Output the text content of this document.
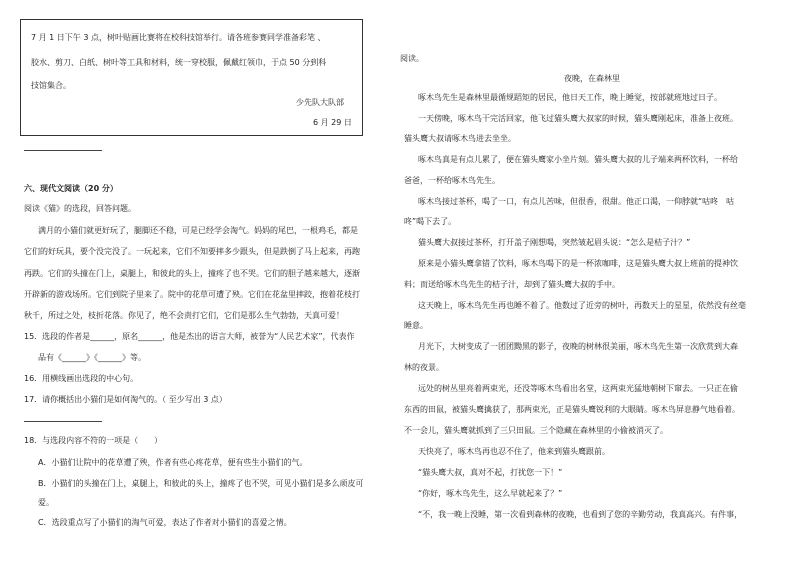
7 月 1 日下午 3 点，树叶贴画比赛将在校科技馆举行。请各班参赛同学准备彩笔 、
胶水、剪刀、白纸、树叶等工具和材料，统一穿校服，佩戴红领巾，于点 50 分到科
技馆集合。
少先队大队部
6 月 29 日
六、现代文阅读（20 分）
阅读《猫》的选段，回答问题。
满月的小猫们就更好玩了，腿脚还不稳，可是已经学会淘气。妈妈的尾巴，一根鸡毛，都是
它们的好玩具，要个没完没了。一玩起来，它们不知要摔多少跟头，但是跌倒了马上起来，再跑
再跌。它们的头撞在门上，桌腿上，和彼此的头上，撞疼了也不哭。它们的胆子越来越大，逐渐
开辟新的游戏场所。它们到院子里来了。院中的花草可遭了殃。它们在花盆里摔跤，抱着花枝打
秋千，所过之处，枝折花落。你见了，绝不会责打它们，它们是那么生气勃勃，天真可爱！
15．选段的作者是______，原名______，他是杰出的语言大师，被誉为“人民艺术家”，代表作
品有《______》《______》等。
16．用横线画出选段的中心句。
17．请你概括出小猫们是如何淘气的。（ 至少写出 3 点）
18．与选段内容不符的一项是（　　）
A．小猫们让院中的花草遭了殃，作者有些心疼花草，便有些生小猫们的气。
B．小猫们的头撞在门上，桌腿上，和彼此的头上，撞疼了也不哭，可见小猫们是多么顽皮可
爱。
C．选段重点写了小猫们的淘气可爱，表达了作者对小猫们的喜爱之情。
阅读。
夜晚，在森林里
啄木鸟先生是森林里最循规蹈矩的居民，他日天工作，晚上睡觉，按部就班地过日子。
一天傍晚，啄木鸟干完活回家，他飞过猫头鹰大叔家的时候，猫头鹰刚起床，准备上夜班。
猫头鹰大叔请啄木鸟进去坐坐。
啄木鸟真是有点儿累了，便在猫头鹰家小坐片刻。猫头鹰大叔的儿子端来两杯饮料，一杯给
爸爸，一杯给啄木鸟先生。
啄木鸟接过茶杯，喝了一口，有点儿苦味，但很香，很甜。他正口渴，一仰脖就“咕咚　咕
咚”喝下去了。
猫头鹰大叔接过茶杯，打开盖子刚想喝，突然皱起眉头说：“怎么是桔子汁？”
原来是小猫头鹰拿错了饮料，啄木鸟喝下的是一杯浓咖啡，这是猫头鹰大叔上班前的提神饮
料；而送给啄木鸟先生的桔子汁，却到了猫头鹰大叔的手中。
这天晚上，啄木鸟先生再也睡不着了。他数过了近旁的树叶，再数天上的星星，依然没有丝毫
睡意。
月光下，大树变成了一团团黝黑的影子，夜晚的树林很美丽，啄木鸟先生第一次欣赏到大森
林的夜景。
远处的树丛里亮着两束光，还没等啄木鸟看出名堂，这两束光猛地朝树下窜去。一只正在偷
东西的田鼠，被猫头鹰擒获了，那两束光，正是猫头鹰锐利的大眼睛。啄木鸟屏息静气地看着。
不一会儿，猫头鹰就抓到了三只田鼠。三个隐藏在森林里的小偷被消灭了。
天快亮了，啄木鸟再也忍不住了，他来到猫头鹰跟前。
“猫头鹰大叔，真对不起，打扰您一下！”
“你好，啄木鸟先生，这么早就起来了？”
“不，我一晚上没睡，第一次看到森林的夜晚，也看到了您的辛勤劳动，我真高兴。有件事，
